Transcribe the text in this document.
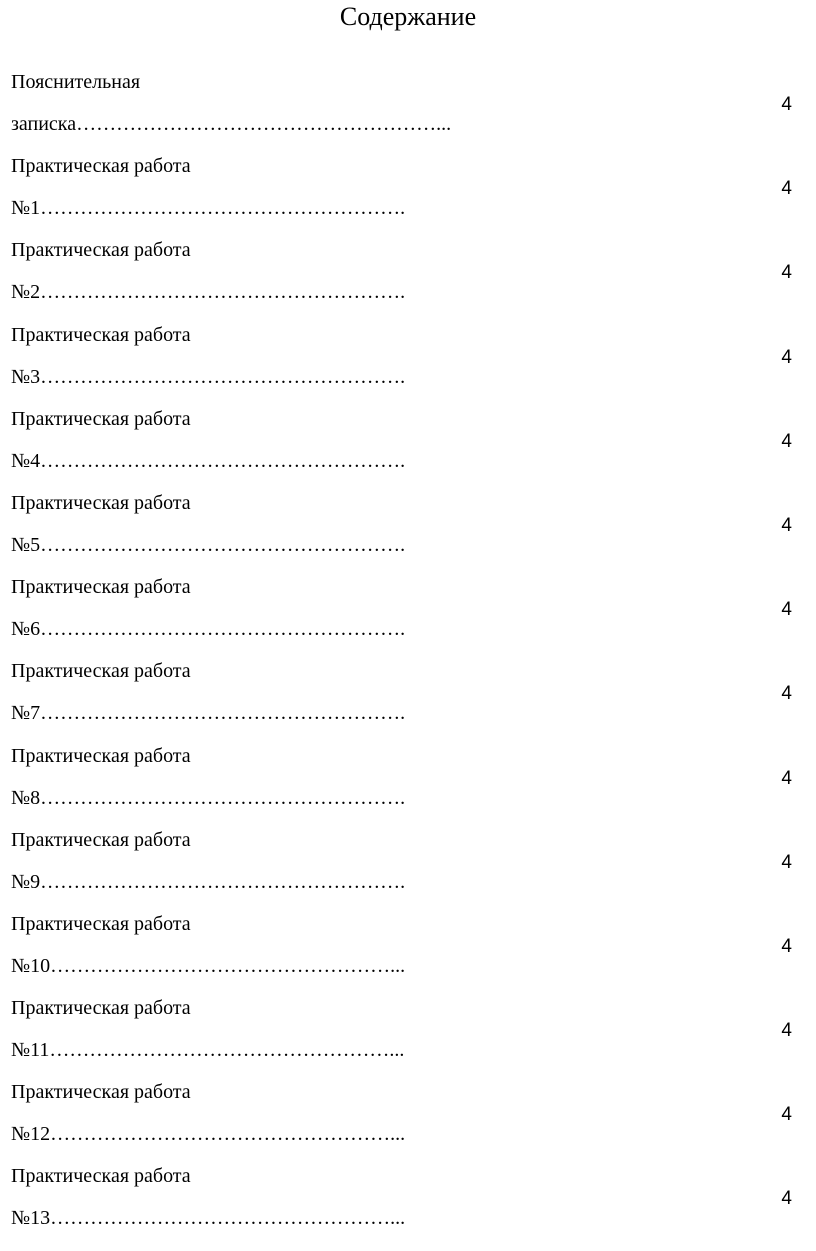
Содержание
Пояснительная
записка………………………………………………...
4
Практическая работа
№1……………………………………………….
4
Практическая работа
№2……………………………………………….
4
Практическая работа
№3……………………………………………….
4
Практическая работа
№4……………………………………………….
4
Практическая работа
№5……………………………………………….
4
Практическая работа
№6……………………………………………….
4
Практическая работа
№7……………………………………………….
4
Практическая работа
№8……………………………………………….
4
Практическая работа
№9……………………………………………….
4
Практическая работа
№10……………………………………………...
4
Практическая работа
№11……………………………………………...
4
Практическая работа
№12……………………………………………...
4
Практическая работа
№13……………………………………………...
4
